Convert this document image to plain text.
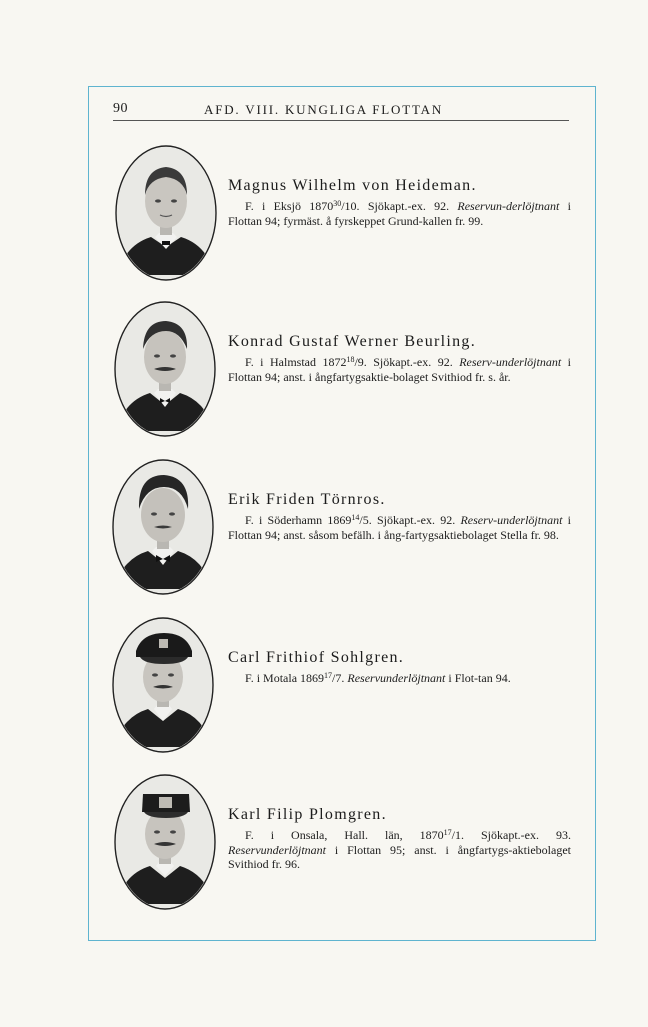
90	AFD. VIII. KUNGLIGA FLOTTAN
Magnus Wilhelm von Heideman.

F. i Eksjö 1870$^{30}$/10. Sjökapt.-ex. 92. Reservun-derlöjtnant i Flottan 94; fyrmäst. å fyrskeppet Grund-kallen fr. 99.

Konrad Gustaf Werner Beurling.

F. i Halmstad 1872$^{18}$/9. Sjökapt.-ex. 92. Reserv-underlöjtnant i Flottan 94; anst. i ångfartygsaktie-bolaget Svithiod fr. s. år.

Erik Friden Törnros.

F. i Söderhamn 1869$^{14}$/5. Sjökapt.-ex. 92. Reserv-underlöjtnant i Flottan 94; anst. såsom befälh. i ång-fartygsaktiebolaget Stella fr. 98.

Carl Frithiof Sohlgren.

F. i Motala 1869$^{17}$/7. Reservunderlöjtnant i Flot-tan 94.

Karl Filip Plomgren.

F. i Onsala, Hall. län, 1870$^{17}$/1. Sjökapt.-ex. 93. Reservunderlöjtnant i Flottan 95; anst. i ångfartygs-aktiebolaget Svithiod fr. 96.
